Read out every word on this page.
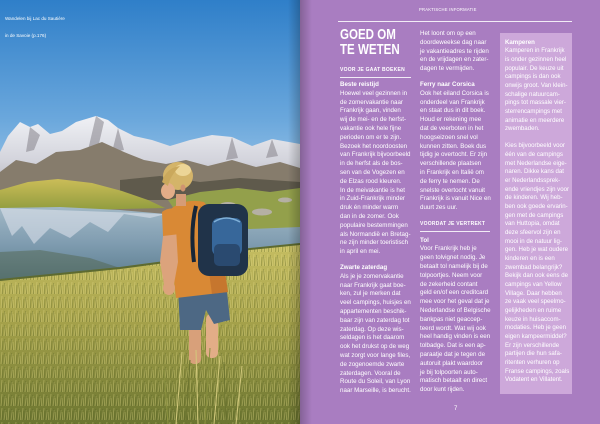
Wandelen bij Lac du Sautière

in de Savoie (p.176)

PRAKTISCHE INFORMATIE
GOED OM
TE WETEN
VOOR JE GAAT BOEKEN
Beste reistijd
Hoewel veel gezinnen in
de zomervakantie naar
Frankrijk gaan, vinden
wij de mei- en de herfst-
vakantie ook hele fijne
perioden om er te zijn.
Bezoek het noordoosten
van Frankrijk bijvoorbeeld
in de herfst als de bos-
sen van de Vogezen en
de Elzas rood kleuren.
In de meivakantie is het
in Zuid-Frankrijk minder
druk én minder warm
dan in de zomer. Ook
populaire bestemmingen
als Normandië en Bretag-
ne zijn minder toeristisch
in april en mei.
Zwarte zaterdag
Als je je zomervakantie
naar Frankrijk gaat boe-
ken, zul je merken dat
veel campings, huisjes en
appartementen beschik-
baar zijn van zaterdag tot
zaterdag. Op deze wis-
seldagen is het daarom
ook het drukst op de weg
wat zorgt voor lange files,
de zogenoemde zwarte
zaterdagen. Vooral de
Route du Soleil, van Lyon
naar Marseille, is berucht.
Het loont om op een
doordeweekse dag naar
je vakantieadres te rijden
en de vrijdagen en zater-
dagen te vermijden.
Ferry naar Corsica
Ook het eiland Corsica is
onderdeel van Frankrijk
en staat dus in dit boek.
Houd er rekening mee
dat de veerboten in het
hoogseizoen snel vol
kunnen zitten. Boek dus
tijdig je overtocht. Er zijn
verschillende plaatsen
in Frankrijk en Italië om
de ferry te nemen. De
snelste overtocht vanuit
Frankrijk is vanuit Nice en
duurt zes uur.
VOORDAT JE VERTREKT
Tol
Voor Frankrijk heb je
geen tolvignet nodig. Je
betaalt tol namelijk bij de
tolpoortjes. Neem voor
de zekerheid contant
geld en/of een creditcard
mee voor het geval dat je
Nederlandse of Belgische
bankpas niet geaccep-
teerd wordt. Wat wij ook
heel handig vinden is een
tolbadge. Dat is een ap-
paraatje dat je tegen de
autoruit plakt waardoor
je bij tolpoorten auto-
matisch betaalt en direct
door kunt rijden.
Kamperen
Kamperen in Frankrijk
is onder gezinnen heel
populair. De keuze uit
campings is dan ook
onwijs groot. Van klein-
schalige natuurcam-
pings tot massale vier-
sterrencampings met
animatie en meerdere
zwembaden.
Kies bijvoorbeeld voor
één van de campings
met Nederlandse eige-
naren. Dikke kans dat
er Nederlandssprek-
ende vriendjes zijn voor
de kinderen. Wij heb-
ben ook goede ervarin-
gen met de campings
van Huttopia, omdat
deze sfeervol zijn en
mooi in de natuur lig-
gen. Heb je wat oudere
kinderen en is een
zwembad belangrijk?
Bekijk dan ook eens de
campings van Yellow
Village. Daar hebben
ze vaak veel speelmo-
gelijkheden en ruime
keuze in huisaccom-
modaties. Heb je geen
eigen kampeermiddel?
Er zijn verschillende
partijen die hun safa-
ritenten verhuren op
Franse campings, zoals
Vodatent en Villatent.
7
